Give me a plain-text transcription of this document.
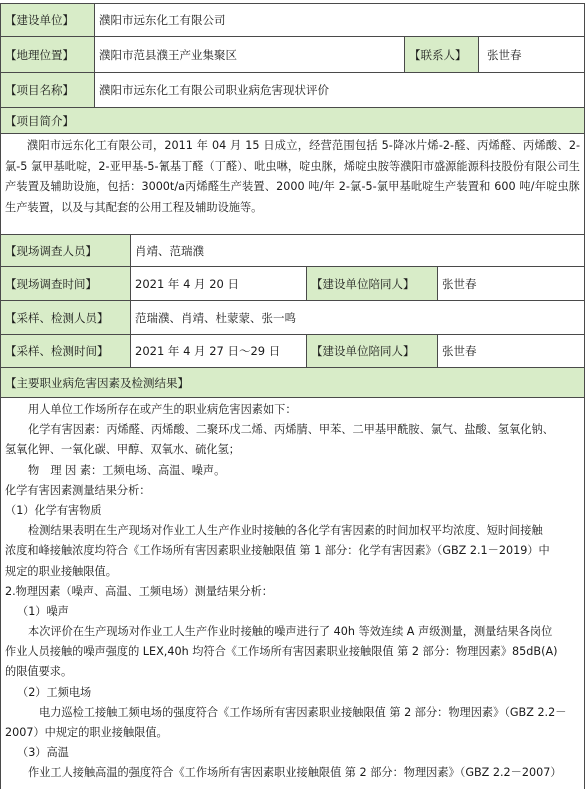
【建设单位】	濮阳市远东化工有限公司
【地理位置】	濮阳市范县濮王产业集聚区	【联系人】	张世春
【项目名称】	濮阳市远东化工有限公司职业病危害现状评价
【项目简介】
濮阳市远东化工有限公司，2011 年 04 月 15 日成立，经营范围包括 5-降冰片烯-2-醛、丙烯醛、丙烯酸、2-氯-5 氯甲基吡啶，2-亚甲基-5-氰基丁醛（丁醛）、吡虫啉，啶虫脒，烯啶虫胺等濮阳市盛源能源科技股份有限公司生产装置及辅助设施，包括：3000t/a丙烯醛生产装置、2000 吨/年 2-氯-5-氯甲基吡啶生产装置和 600 吨/年啶虫脒生产装置，以及与其配套的公用工程及辅助设施等。
【现场调查人员】	肖靖、范瑞濮
【现场调查时间】	2021 年 4 月 20 日	【建设单位陪同人】	张世春
【采样、检测人员】	范瑞濮、肖靖、杜蒙蒙、张一鸣
【采样、检测时间】	2021 年 4 月 27 日～29 日	【建设单位陪同人】	张世春
【主要职业病危害因素及检测结果】
用人单位工作场所存在或产生的职业病危害因素如下：
化学有害因素：丙烯醛、丙烯酸、二聚环戊二烯、丙烯腈、甲苯、二甲基甲酰胺、氯气、盐酸、氢氧化钠、
氢氧化钾、一氧化碳、甲醇、双氧水、硫化氢；
物　理 因 素：工频电场、高温、噪声。
化学有害因素测量结果分析：
（1）化学有害物质
检测结果表明在生产现场对作业工人生产作业时接触的各化学有害因素的时间加权平均浓度、短时间接触
浓度和峰接触浓度均符合《工作场所有害因素职业接触限值 第 1 部分：化学有害因素》（GBZ 2.1－2019）中
规定的职业接触限值。
2.物理因素（噪声、高温、工频电场）测量结果分析：
（1）噪声
本次评价在生产现场对作业工人生产作业时接触的噪声进行了 40h 等效连续 A 声级测量，测量结果各岗位
作业人员接触的噪声强度的 LEX,40h 均符合《工作场所有害因素职业接触限值 第 2 部分：物理因素》85dB(A)
的限值要求。
（2）工频电场
电力巡检工接触工频电场的强度符合《工作场所有害因素职业接触限值 第 2 部分：物理因素》（GBZ 2.2－
2007）中规定的职业接触限值。
（3）高温
作业工人接触高温的强度符合《工作场所有害因素职业接触限值 第 2 部分：物理因素》（GBZ 2.2－2007）
